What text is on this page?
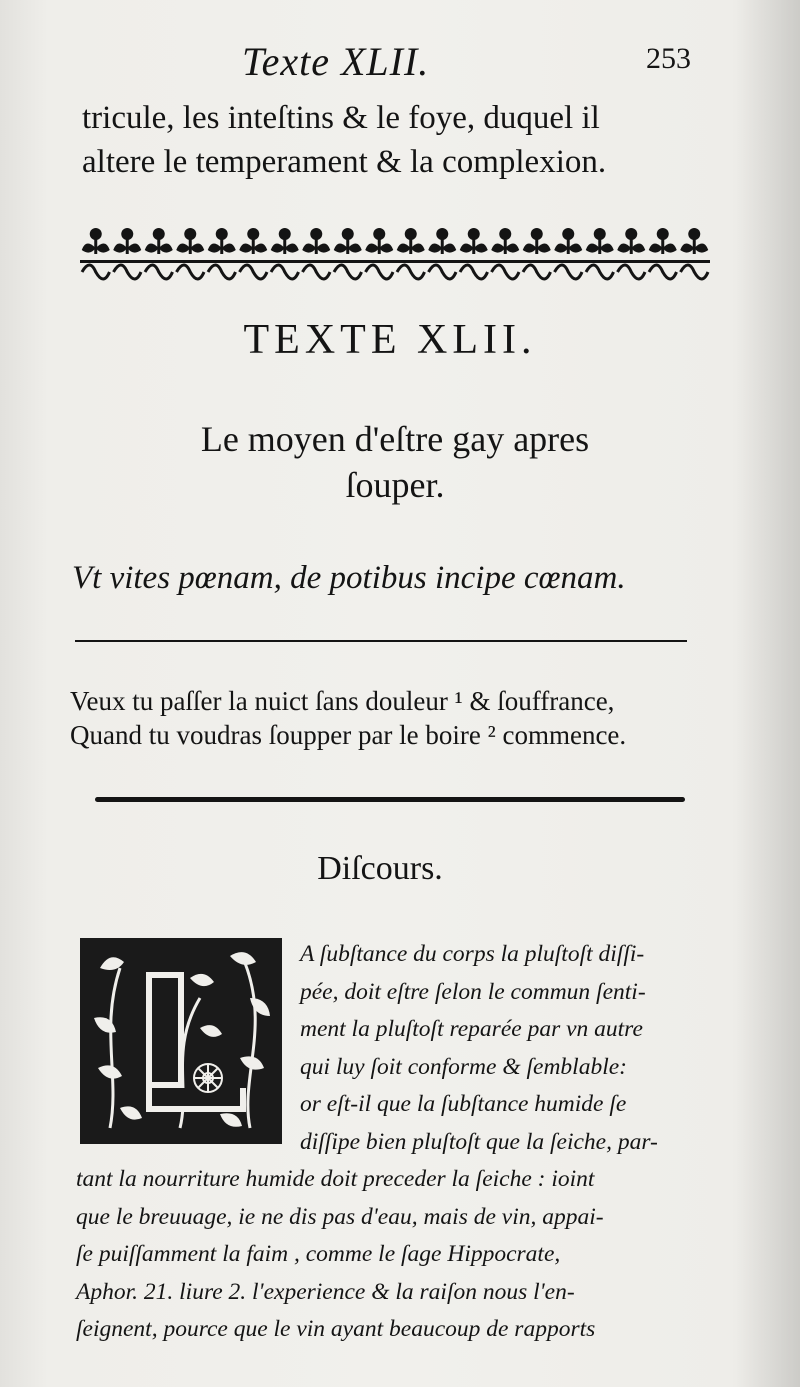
Texte XLII.	253
tricule, les inteſtins & le foye, duquel il
altere le temperament & la complexion.
TEXTE XLII.
Le moyen d'eſtre gay apres
ſouper.
Vt vites pœnam, de potibus incipe cœnam.
Veux tu paſſer la nuict ſans douleur ¹ & ſouffrance,
Quand tu voudras ſoupper par le boire ² commence.
Diſcours.
L
A ſubſtance du corps la pluſtoſt diſſi-
pée, doit eſtre ſelon le commun ſenti-
ment la pluſtoſt reparée par vn autre
qui luy ſoit conforme & ſemblable:
or eſt-il que la ſubſtance humide ſe
diſſipe bien pluſtoſt que la ſeiche, par-
tant la nourriture humide doit preceder la ſeiche : ioint
que le breuuage, ie ne dis pas d'eau, mais de vin, appai-
ſe puiſſamment la faim , comme le ſage Hippocrate,
Aphor. 21. liure 2. l'experience & la raiſon nous l'en-
ſeignent, pource que le vin ayant beaucoup de rapports
